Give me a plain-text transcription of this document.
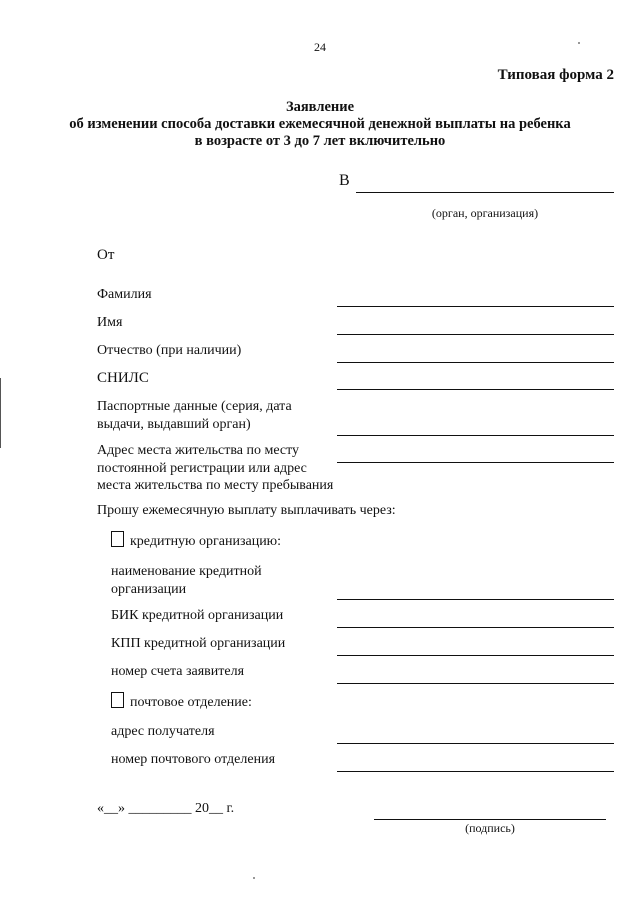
24
Типовая форма 2
Заявление
об изменении способа доставки ежемесячной денежной выплаты на ребенка
в возрасте от 3 до 7 лет включительно
В
(орган, организация)
От
Фамилия
Имя
Отчество (при наличии)
СНИЛС
Паспортные данные (серия, дата
выдачи, выдавший орган)
Адрес места жительства по месту
постоянной регистрации или адрес
места жительства по месту пребывания
Прошу ежемесячную выплату выплачивать через:
кредитную организацию:
наименование кредитной
организации
БИК кредитной организации
КПП кредитной организации
номер счета заявителя
почтовое отделение:
адрес получателя
номер почтового отделения
«__» _________ 20__ г.
(подпись)
